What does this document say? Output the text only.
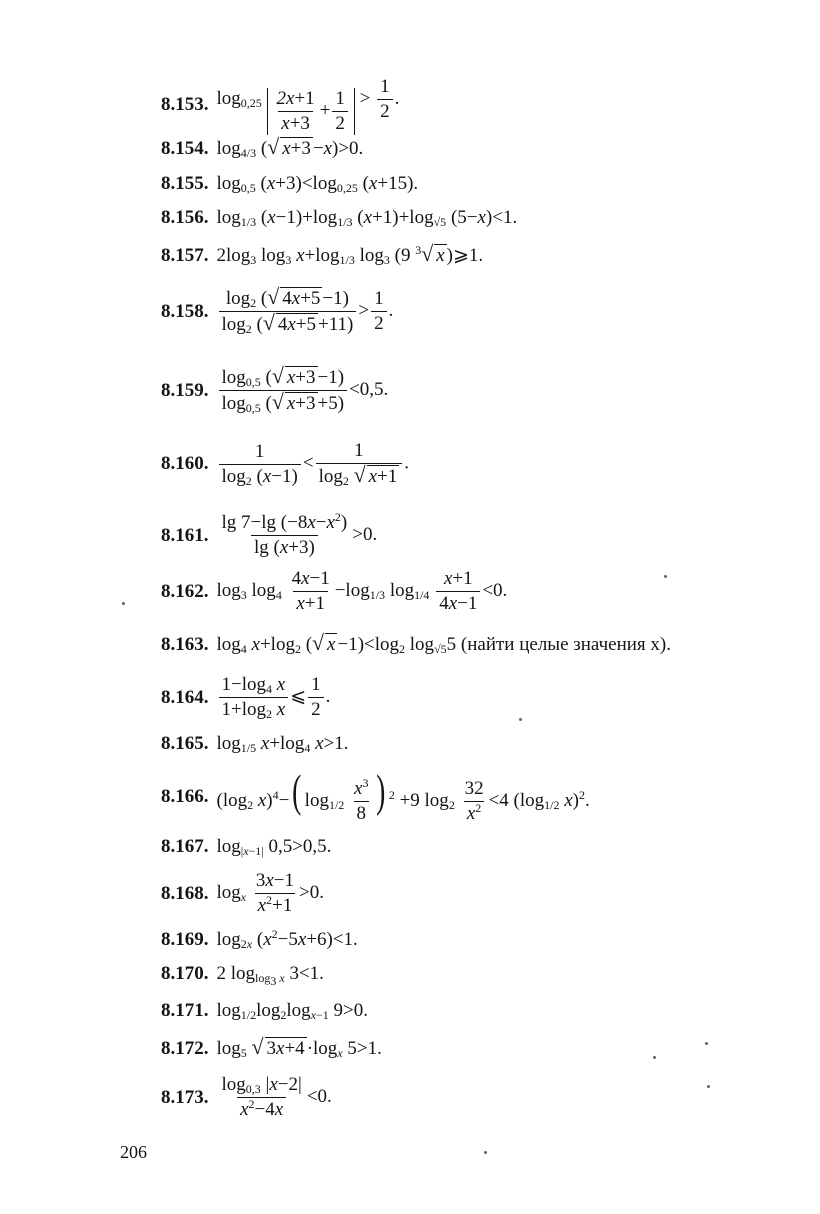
8.153. $\log_{0,25} \frac{2x+1}{x+3} + \frac{1}{2} > \frac{1}{2}$ .
8.154. $\log_{4/3}$ ( √ x+3 −x)>0.
8.155. $\log_{0,5} (x+3)<\log_{0,25}$ (x+15).
8.156. $\log_{1/3} (x-1)+\log_{1/3}$ $(x+1)+\log_{√5}$ (5−x)<1.
8.157. $2\log_3$ $\log_3 x+\log_{1/3}$ $\log_3 (9$ $^3$ √ x )⩾1.
8.158. $\frac{\log_2 ( √ 4x+5 -1)}{\log_2 ( √ 4x+5 +11)} > \frac{1}{2}$ .
8.159. $\frac{\log_{0,5} ( √ x+3 -1)}{\log_{0,5} ( √ x+3 +5)} <0,5$.
8.160. $\frac{1}{\log_2 (x-1)} < \frac{1}{\log_2 √ x+1}$ .
8.161. $\frac{\lg 7-\lg (-8x-x^2)}{\lg (x+3)} >0$.
8.162. $\log_3 \log_4 \frac{4x-1}{x+1} -\log_{1/3}$ $\log_{1/4} \frac{x+1}{4x-1} <0$.
8.163. $\log_4 x+\log_2$ ( √ $x -1)<\log_2$ $\log_{√5}5$ (найти целые значения x).
8.164. $\frac{1-\log_4 x}{1+\log_2 x}$ ⩽ $\frac{1}{2}$ .
8.165. $\log_{1/5} x+\log_4$ x>1.
8.166. ($\log_2$ x)$^4$−( $\log_{1/2} \frac{x^3}{8}$ ) $^2$ +9 $\log_2 \frac{32}{x^2} <4$ ($\log_{1/2}$ x)$^2$.
8.167. $\log_{|x-1|} 0,5>0,5$.
8.168. $\log_x \frac{3x-1}{x^2+1} >0$.
8.169. $\log_{2x} (x^2-5x+6)<1$.
8.170. 2 $\log_{log_3 x} 3<1$.
8.171. $\log_{1/2}\log_2\log_{x-1}$ 9>0.
8.172. $\log_5$ √ $3x+4 \cdot\log_x$ 5>1.
8.173. $\frac{\log_{0,3} |x-2|}{x^2-4x} <0$.
206
